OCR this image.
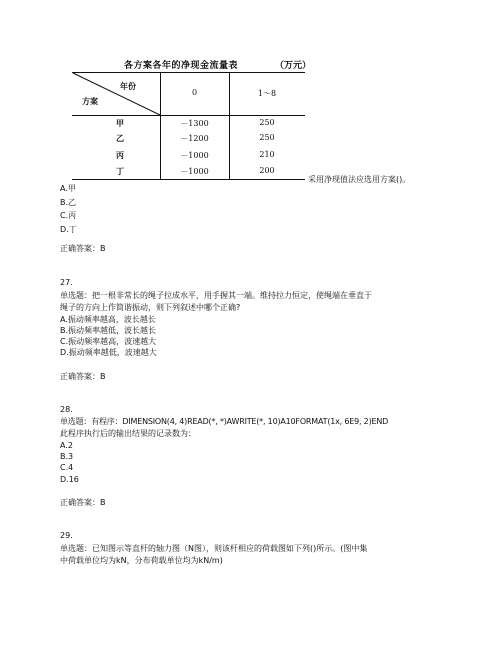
各方案各年的净现金流量表	（万元）
年份
方案
0	1～8
甲	－1300	250
乙	－1200	250
丙	－1000	210
丁	－1000	200
采用净现值法应选用方案()。
A.甲
B.乙
C.丙
D.丁
正确答案：B
27.
单选题：把一根非常长的绳子拉成水平，用手握其一端。维持拉力恒定，使绳端在垂直于
绳子的方向上作简谐振动，则下列叙述中哪个正确?
A.振动频率越高，波长越长
B.振动频率越低，波长越长
C.振动频率越高，波速越大
D.振动频率越低，波速越大
正确答案：B
28.
单选题：有程序：DIMENSION(4, 4)READ(*, *)AWRITE(*, 10)A10FORMAT(1x, 6E9, 2)END
此程序执行后的输出结果的记录数为：
A.2
B.3
C.4
D.16
正确答案：B
29.
单选题：已知图示等直杆的轴力图（N图），则该杆相应的荷载图如下列()所示。(图中集
中荷载单位均为kN，分布荷载单位均为kN/m)
